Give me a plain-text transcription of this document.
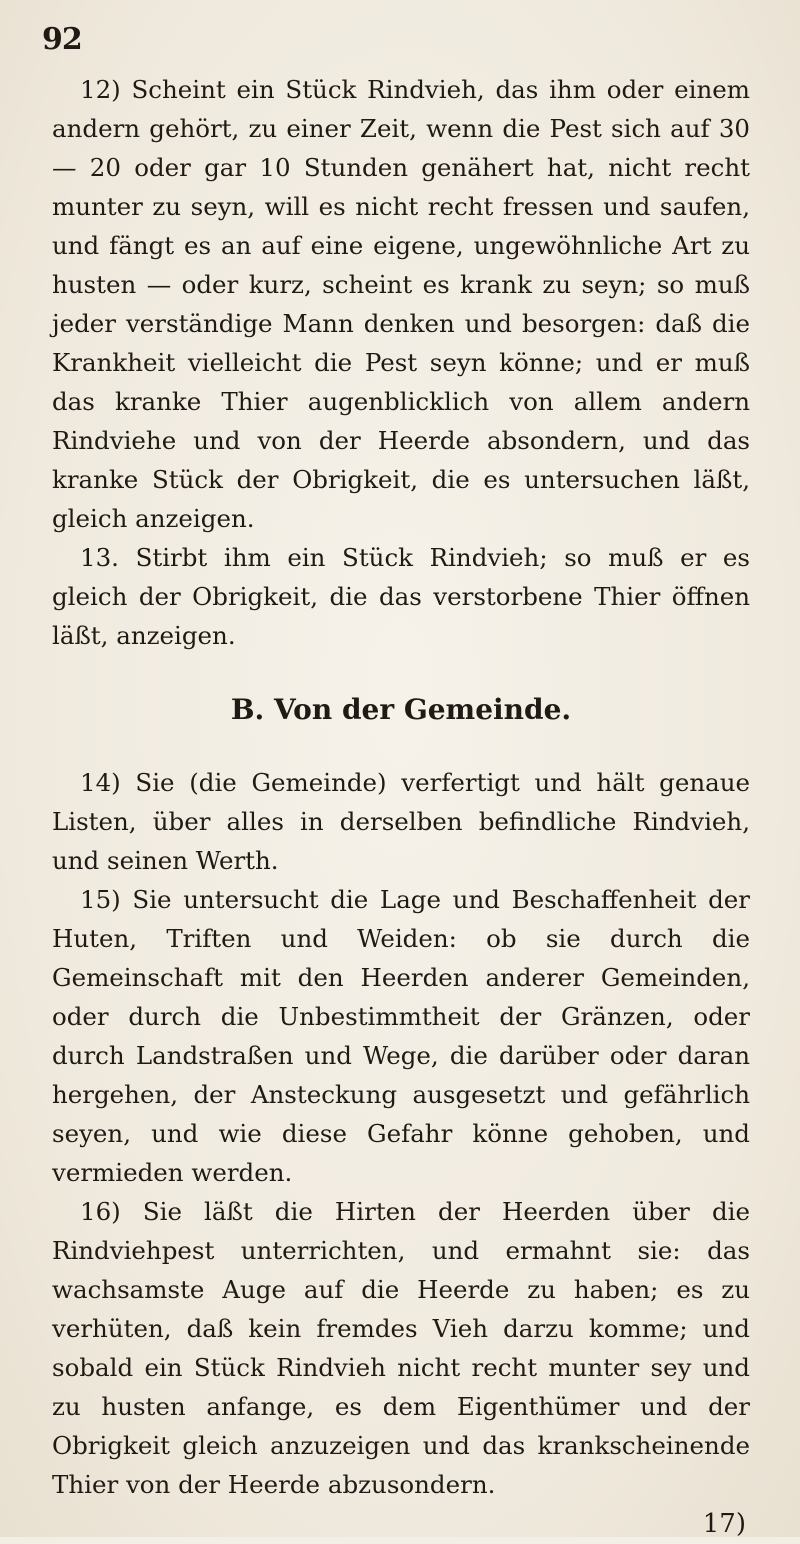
92

12) Scheint ein Stück Rindvieh, das ihm oder einem andern gehört, zu einer Zeit, wenn die Pest sich auf 30 — 20 oder gar 10 Stunden genähert hat, nicht recht munter zu seyn, will es nicht recht fressen und saufen, und fängt es an auf eine eigene, ungewöhnliche Art zu husten — oder kurz, scheint es krank zu seyn; so muß jeder verständige Mann denken und besorgen: daß die Krankheit vielleicht die Pest seyn könne; und er muß das kranke Thier augenblicklich von allem andern Rindviehe und von der Heerde absondern, und das kranke Stück der Obrigkeit, die es untersuchen läßt, gleich anzeigen.

13. Stirbt ihm ein Stück Rindvieh; so muß er es gleich der Obrigkeit, die das verstorbene Thier öffnen läßt, anzeigen.

B. Von der Gemeinde.

14) Sie (die Gemeinde) verfertigt und hält genaue Listen, über alles in derselben befindliche Rindvieh, und seinen Werth.

15) Sie untersucht die Lage und Beschaffenheit der Huten, Triften und Weiden: ob sie durch die Gemeinschaft mit den Heerden anderer Gemeinden, oder durch die Unbestimmtheit der Gränzen, oder durch Landstraßen und Wege, die darüber oder daran hergehen, der Ansteckung ausgesetzt und gefährlich seyen, und wie diese Gefahr könne gehoben, und vermieden werden.

16) Sie läßt die Hirten der Heerden über die Rindviehpest unterrichten, und ermahnt sie: das wachsamste Auge auf die Heerde zu haben; es zu verhüten, daß kein fremdes Vieh darzu komme; und sobald ein Stück Rindvieh nicht recht munter sey und zu husten anfange, es dem Eigenthümer und der Obrigkeit gleich anzuzeigen und das krankscheinende Thier von der Heerde abzusondern.

17)
